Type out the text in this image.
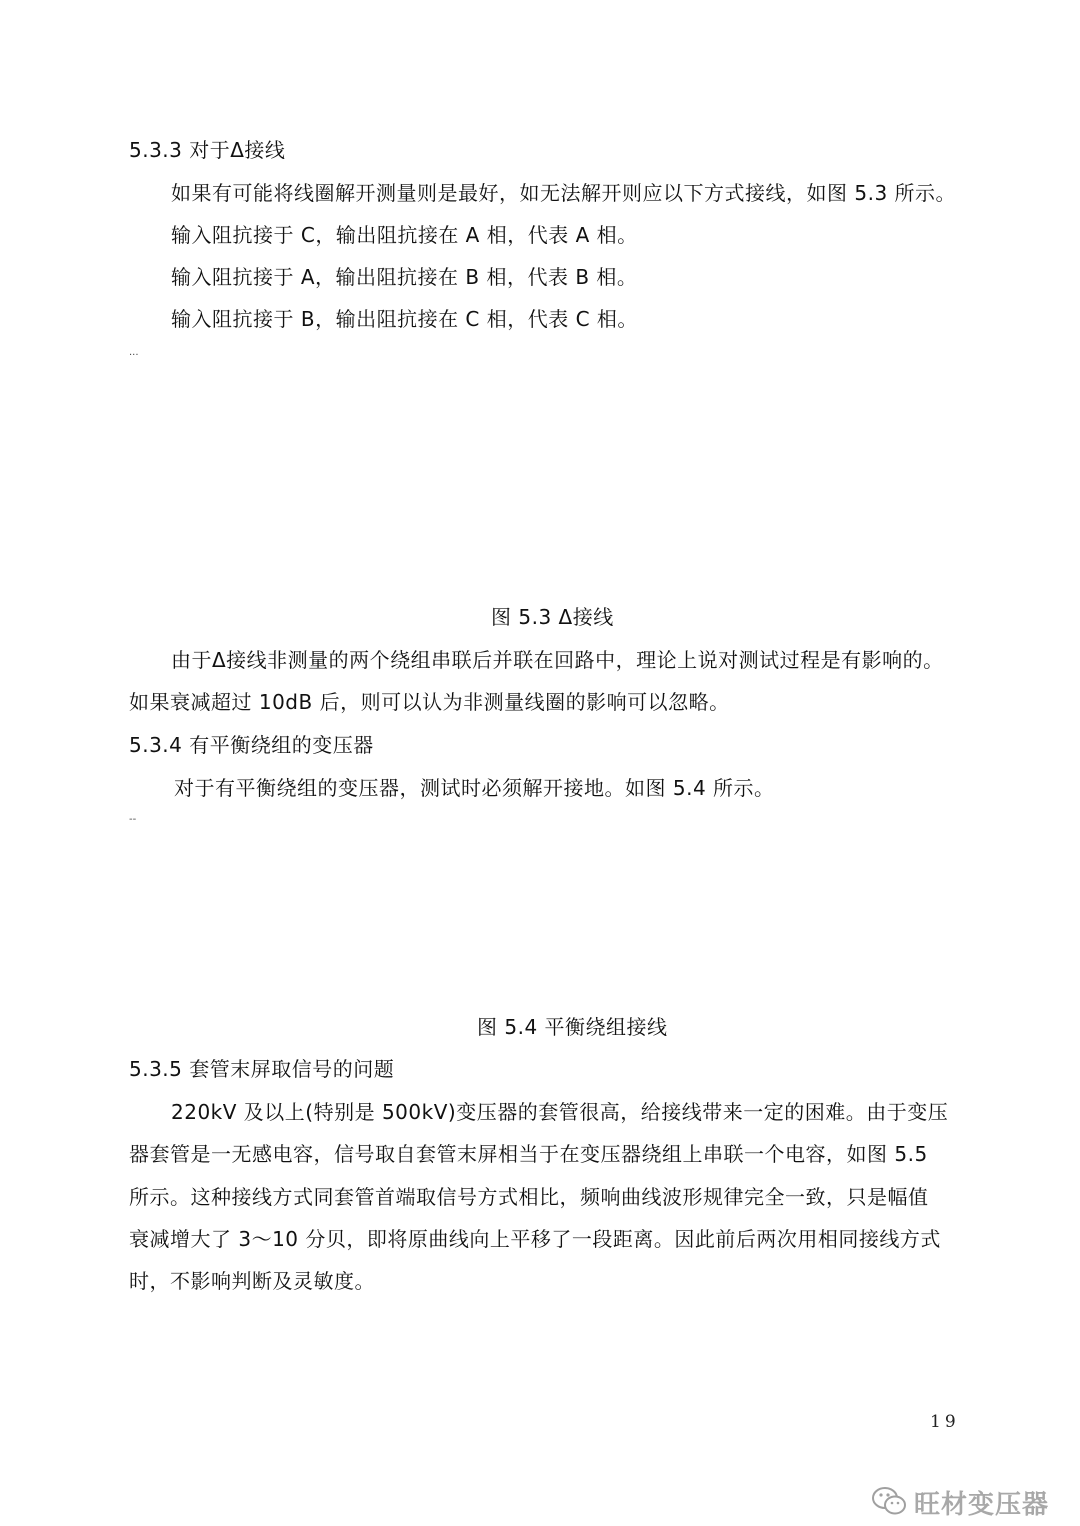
5.3.3 对于Δ接线
如果有可能将线圈解开测量则是最好，如无法解开则应以下方式接线，如图 5.3 所示。
输入阻抗接于 C，输出阻抗接在 A 相，代表 A 相。
输入阻抗接于 A，输出阻抗接在 B 相，代表 B 相。
输入阻抗接于 B，输出阻抗接在 C 相，代表 C 相。
...
图 5.3 Δ接线
由于Δ接线非测量的两个绕组串联后并联在回路中，理论上说对测试过程是有影响的。
如果衰减超过 10dB 后，则可以认为非测量线圈的影响可以忽略。
5.3.4 有平衡绕组的变压器
对于有平衡绕组的变压器，测试时必须解开接地。如图 5.4 所示。
--
图 5.4 平衡绕组接线
5.3.5 套管末屏取信号的问题
220kV 及以上(特别是 500kV)变压器的套管很高，给接线带来一定的困难。由于变压
器套管是一无感电容，信号取自套管末屏相当于在变压器绕组上串联一个电容，如图 5.5
所示。这种接线方式同套管首端取信号方式相比，频响曲线波形规律完全一致，只是幅值
衰减增大了 3～10 分贝，即将原曲线向上平移了一段距离。因此前后两次用相同接线方式
时，不影响判断及灵敏度。
19
旺材变压器
